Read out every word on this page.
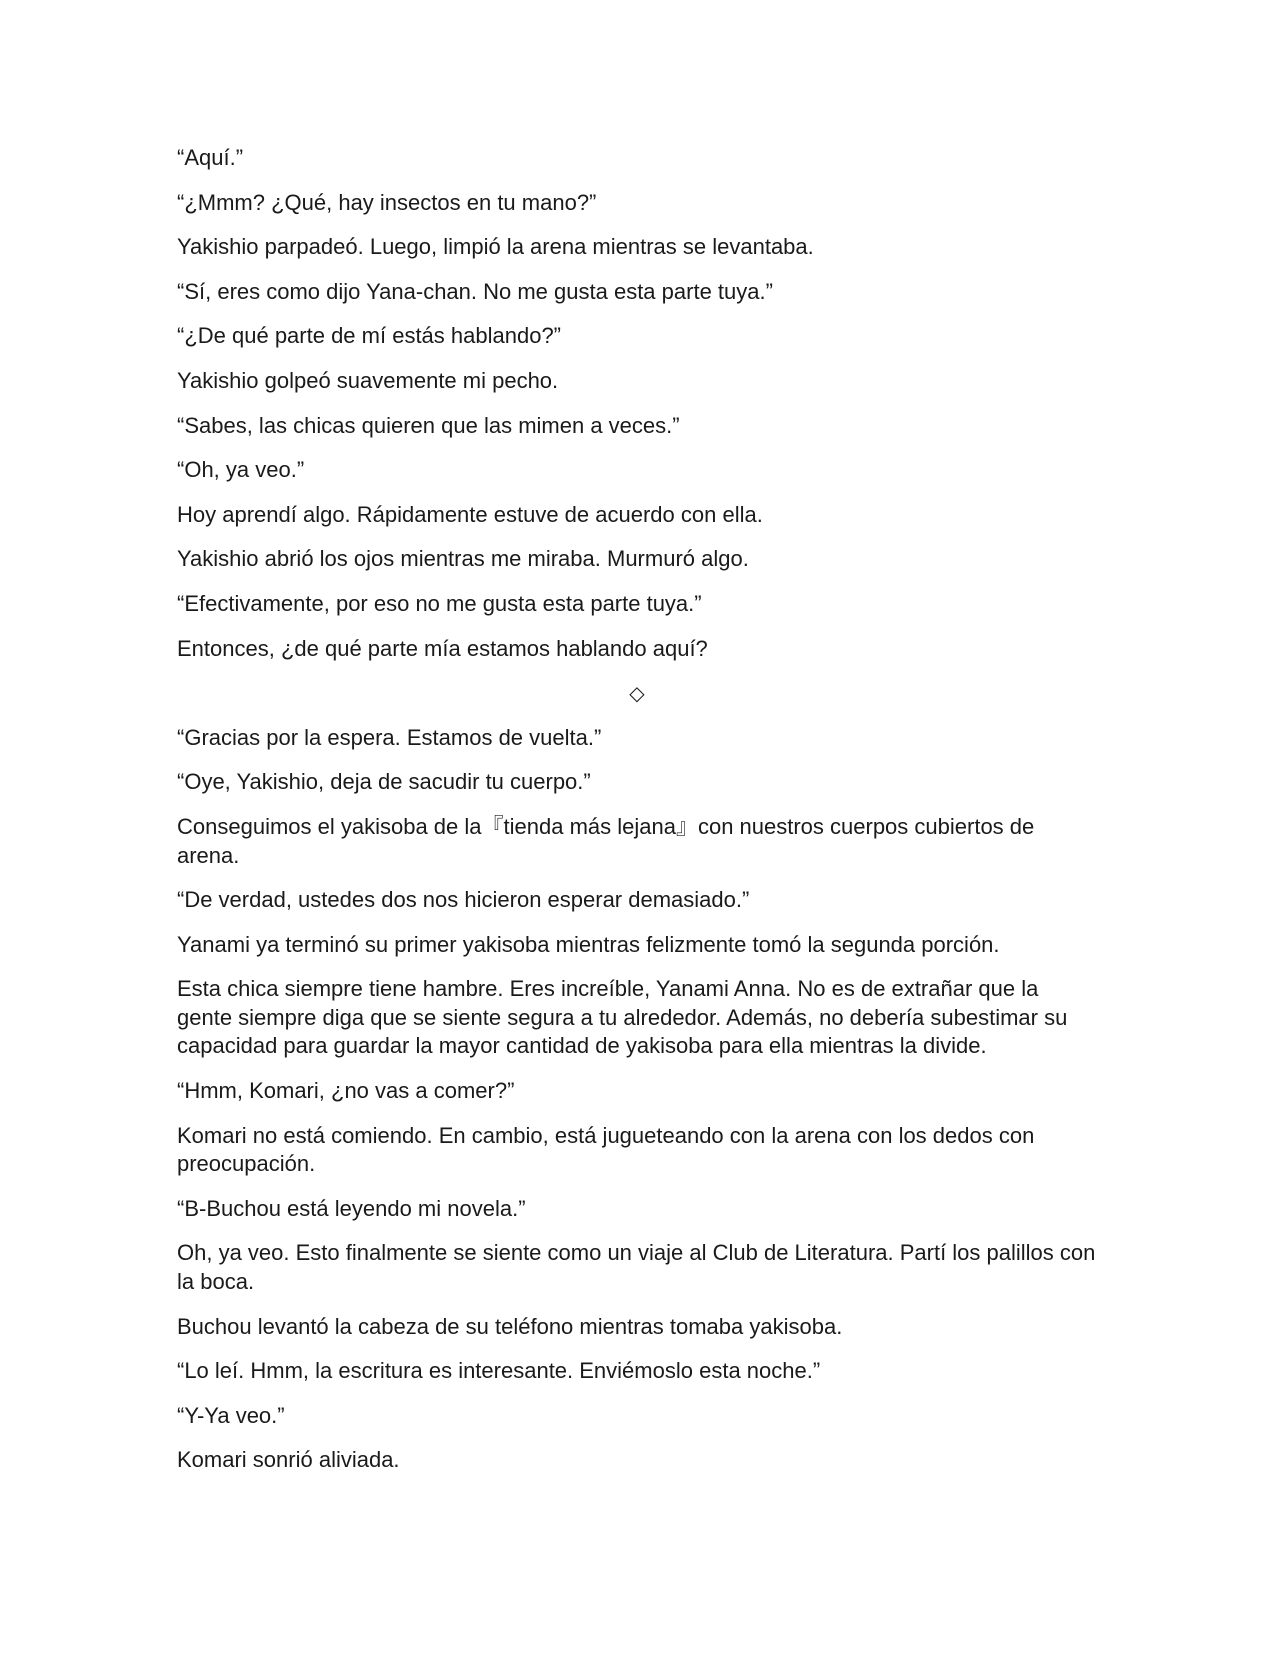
“Aquí.”

“¿Mmm? ¿Qué, hay insectos en tu mano?”

Yakishio parpadeó. Luego, limpió la arena mientras se levantaba.

“Sí, eres como dijo Yana-chan. No me gusta esta parte tuya.”

“¿De qué parte de mí estás hablando?”

Yakishio golpeó suavemente mi pecho.

“Sabes, las chicas quieren que las mimen a veces.”

“Oh, ya veo.”

Hoy aprendí algo. Rápidamente estuve de acuerdo con ella.

Yakishio abrió los ojos mientras me miraba. Murmuró algo.

“Efectivamente, por eso no me gusta esta parte tuya.”

Entonces, ¿de qué parte mía estamos hablando aquí?

◇

“Gracias por la espera. Estamos de vuelta.”

“Oye, Yakishio, deja de sacudir tu cuerpo.”

Conseguimos el yakisoba de la『tienda más lejana』con nuestros cuerpos cubiertos de arena.

“De verdad, ustedes dos nos hicieron esperar demasiado.”

Yanami ya terminó su primer yakisoba mientras felizmente tomó la segunda porción.

Esta chica siempre tiene hambre. Eres increíble, Yanami Anna. No es de extrañar que la gente siempre diga que se siente segura a tu alrededor. Además, no debería subestimar su capacidad para guardar la mayor cantidad de yakisoba para ella mientras la divide.

“Hmm, Komari, ¿no vas a comer?”

Komari no está comiendo. En cambio, está jugueteando con la arena con los dedos con preocupación.

“B-Buchou está leyendo mi novela.”

Oh, ya veo. Esto finalmente se siente como un viaje al Club de Literatura. Partí los palillos con la boca.

Buchou levantó la cabeza de su teléfono mientras tomaba yakisoba.

“Lo leí. Hmm, la escritura es interesante. Enviémoslo esta noche.”

“Y-Ya veo.”

Komari sonrió aliviada.
